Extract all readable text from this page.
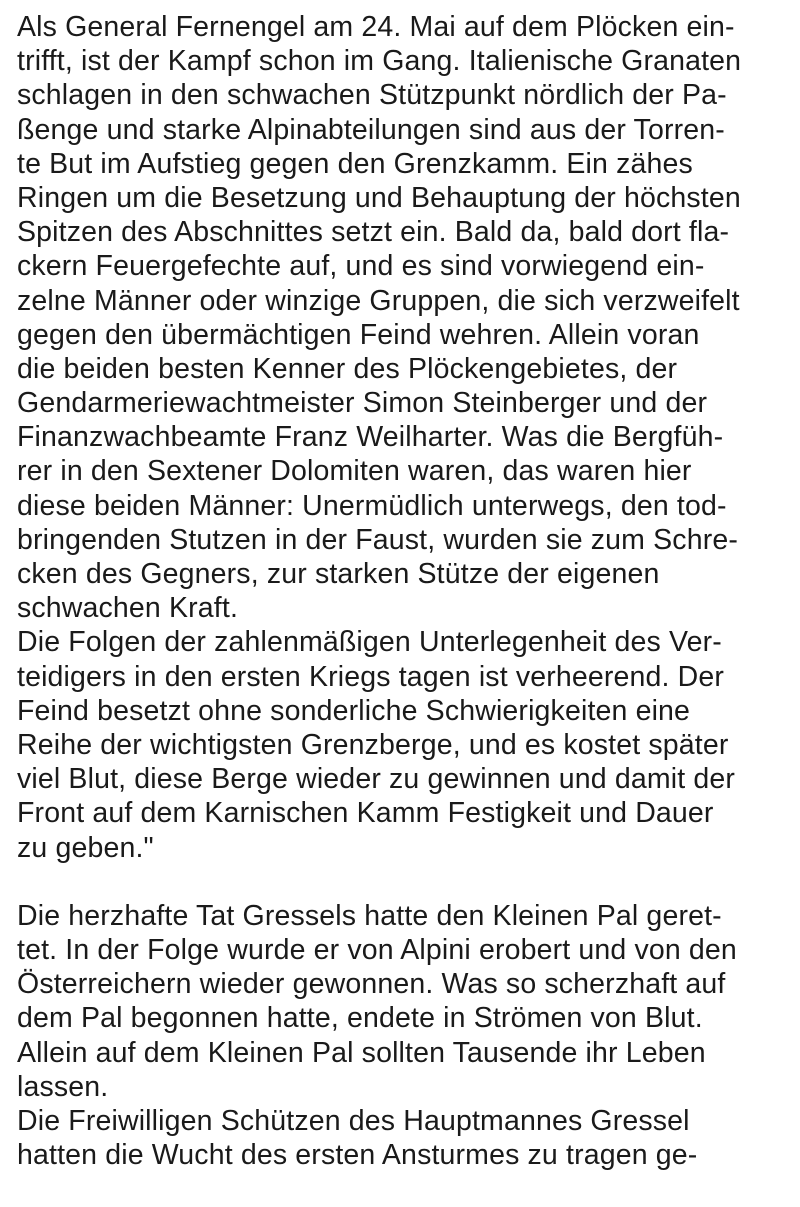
Als General Fernengel am 24. Mai auf dem Plöcken ein-
trifft, ist der Kampf schon im Gang. Italienische Granaten
schlagen in den schwachen Stützpunkt nördlich der Pa-
ßenge und starke Alpinabteilungen sind aus der Torren-
te But im Aufstieg gegen den Grenzkamm. Ein zähes
Ringen um die Besetzung und Behauptung der höchsten
Spitzen des Abschnittes setzt ein. Bald da, bald dort fla-
ckern Feuergefechte auf, und es sind vorwiegend ein-
zelne Männer oder winzige Gruppen, die sich verzweifelt
gegen den übermächtigen Feind wehren. Allein voran
die beiden besten Kenner des Plöckengebietes, der
Gendarmeriewachtmeister Simon Steinberger und der
Finanzwachbeamte Franz Weilharter. Was die Bergfüh-
rer in den Sextener Dolomiten waren, das waren hier
diese beiden Männer: Unermüdlich unterwegs, den tod-
bringenden Stutzen in der Faust, wurden sie zum Schre-
cken des Gegners, zur starken Stütze der eigenen
schwachen Kraft.
Die Folgen der zahlenmäßigen Unterlegenheit des Ver-
teidigers in den ersten Kriegs tagen ist verheerend. Der
Feind besetzt ohne sonderliche Schwierigkeiten eine
Reihe der wichtigsten Grenzberge, und es kostet später
viel Blut, diese Berge wieder zu gewinnen und damit der
Front auf dem Karnischen Kamm Festigkeit und Dauer
zu geben."
Die herzhafte Tat Gressels hatte den Kleinen Pal geret-
tet. In der Folge wurde er von Alpini erobert und von den
Österreichern wieder gewonnen. Was so scherzhaft auf
dem Pal begonnen hatte, endete in Strömen von Blut.
Allein auf dem Kleinen Pal sollten Tausende ihr Leben
lassen.
Die Freiwilligen Schützen des Hauptmannes Gressel
hatten die Wucht des ersten Ansturmes zu tragen ge-
